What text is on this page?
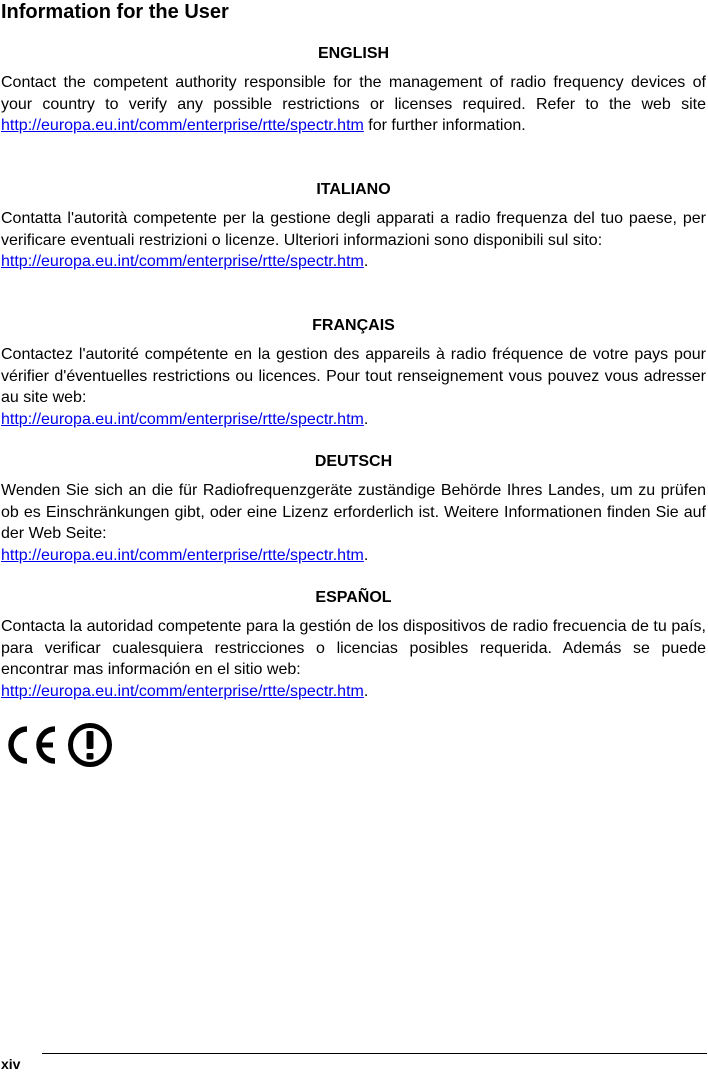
Information for the User
ENGLISH

Contact the competent authority responsible for the management of radio frequency devices of your country to verify any possible restrictions or licenses required. Refer to the web site http://europa.eu.int/comm/enterprise/rtte/spectr.htm for further information.

ITALIANO

Contatta l'autorità competente per la gestione degli apparati a radio frequenza del tuo paese, per verificare eventuali restrizioni o licenze. Ulteriori informazioni sono disponibili sul sito:
http://europa.eu.int/comm/enterprise/rtte/spectr.htm.

FRANÇAIS

Contactez l'autorité compétente en la gestion des appareils à radio fréquence de votre pays pour vérifier d'éventuelles restrictions ou licences. Pour tout renseignement vous pouvez vous adresser au site web:
http://europa.eu.int/comm/enterprise/rtte/spectr.htm.

DEUTSCH

Wenden Sie sich an die für Radiofrequenzgeräte zuständige Behörde Ihres Landes, um zu prüfen ob es Einschränkungen gibt, oder eine Lizenz erforderlich ist. Weitere Informationen finden Sie auf der Web Seite:
http://europa.eu.int/comm/enterprise/rtte/spectr.htm.

ESPAÑOL

Contacta la autoridad competente para la gestión de los dispositivos de radio frecuencia de tu país, para verificar cualesquiera restricciones o licencias posibles requerida. Además se puede encontrar mas información en el sitio web:
http://europa.eu.int/comm/enterprise/rtte/spectr.htm.

xiv
